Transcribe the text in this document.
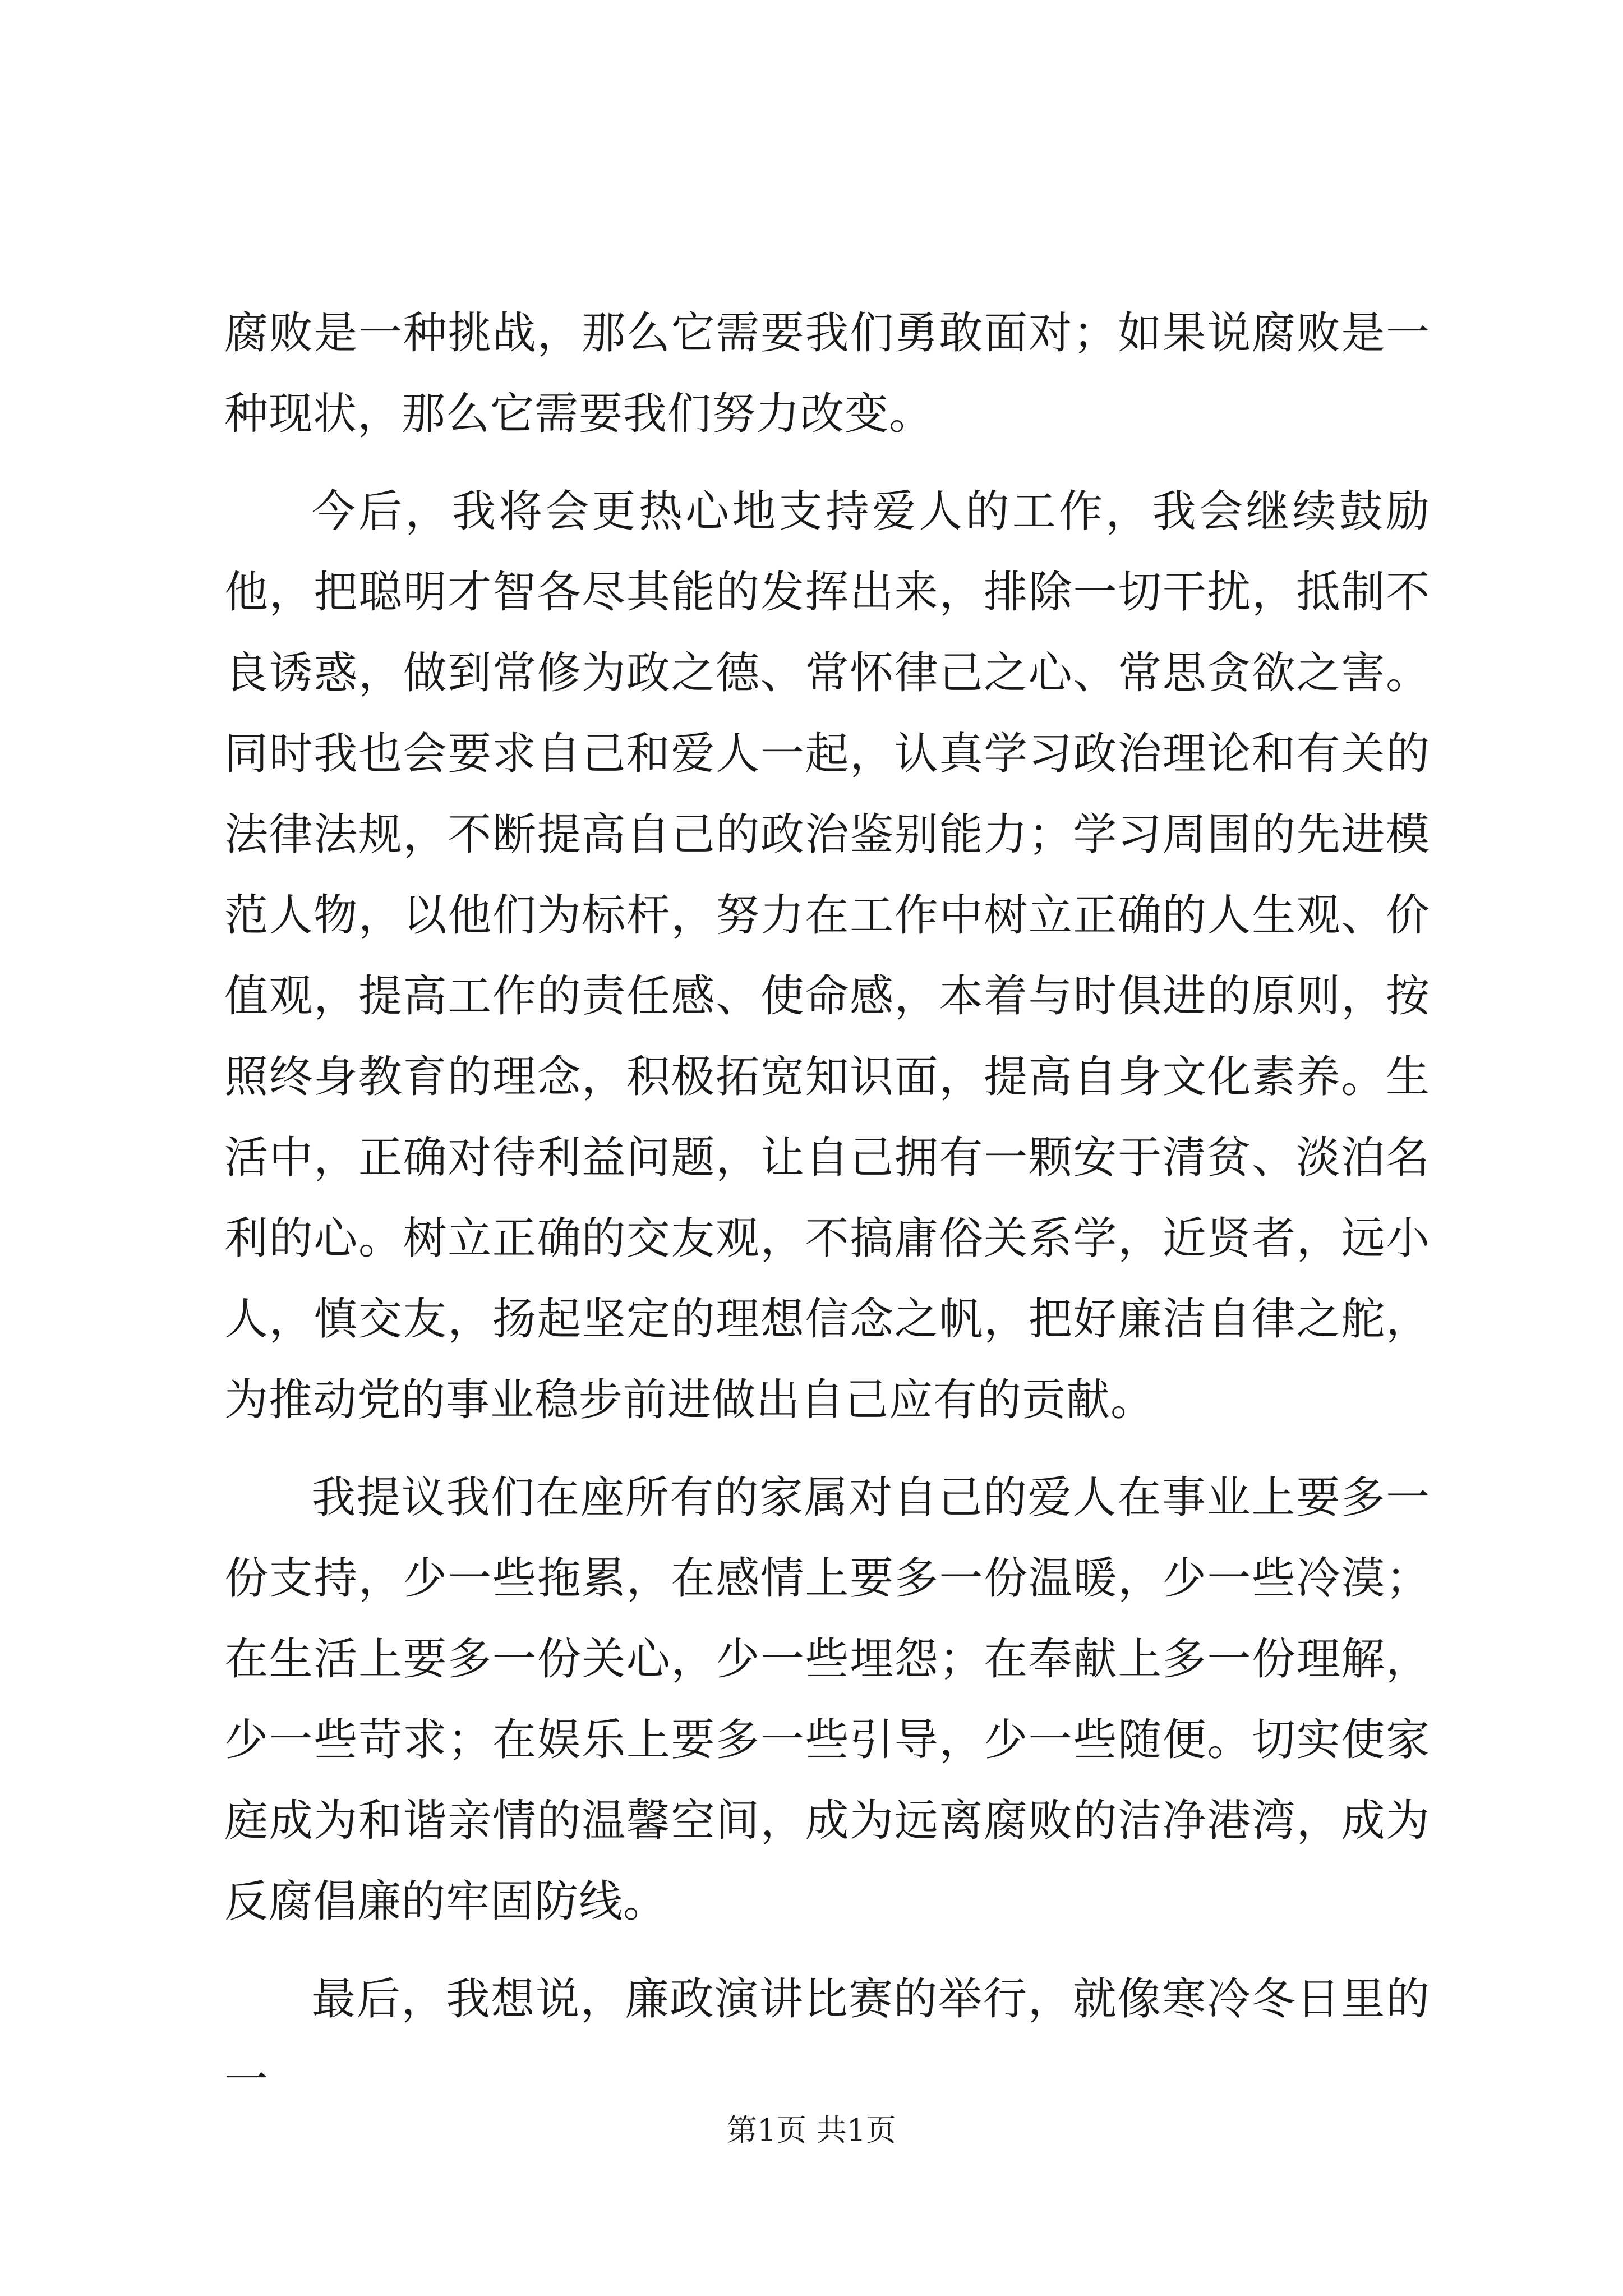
腐败是一种挑战，那么它需要我们勇敢面对；如果说腐败是一种现状，那么它需要我们努力改变。

今后，我将会更热心地支持爱人的工作，我会继续鼓励他，把聪明才智各尽其能的发挥出来，排除一切干扰，抵制不良诱惑，做到常修为政之德、常怀律己之心、常思贪欲之害。同时我也会要求自己和爱人一起，认真学习政治理论和有关的法律法规，不断提高自己的政治鉴别能力；学习周围的先进模范人物，以他们为标杆，努力在工作中树立正确的人生观、价值观，提高工作的责任感、使命感，本着与时俱进的原则，按照终身教育的理念，积极拓宽知识面，提高自身文化素养。生活中，正确对待利益问题，让自己拥有一颗安于清贫、淡泊名利的心。树立正确的交友观，不搞庸俗关系学，近贤者，远小人，慎交友，扬起坚定的理想信念之帆，把好廉洁自律之舵，为推动党的事业稳步前进做出自己应有的贡献。

我提议我们在座所有的家属对自己的爱人在事业上要多一份支持，少一些拖累，在感情上要多一份温暖，少一些冷漠；在生活上要多一份关心，少一些埋怨；在奉献上多一份理解，少一些苛求；在娱乐上要多一些引导，少一些随便。切实使家庭成为和谐亲情的温馨空间，成为远离腐败的洁净港湾，成为反腐倡廉的牢固防线。

最后，我想说，廉政演讲比赛的举行，就像寒冷冬日里的一

第1页 共1页
